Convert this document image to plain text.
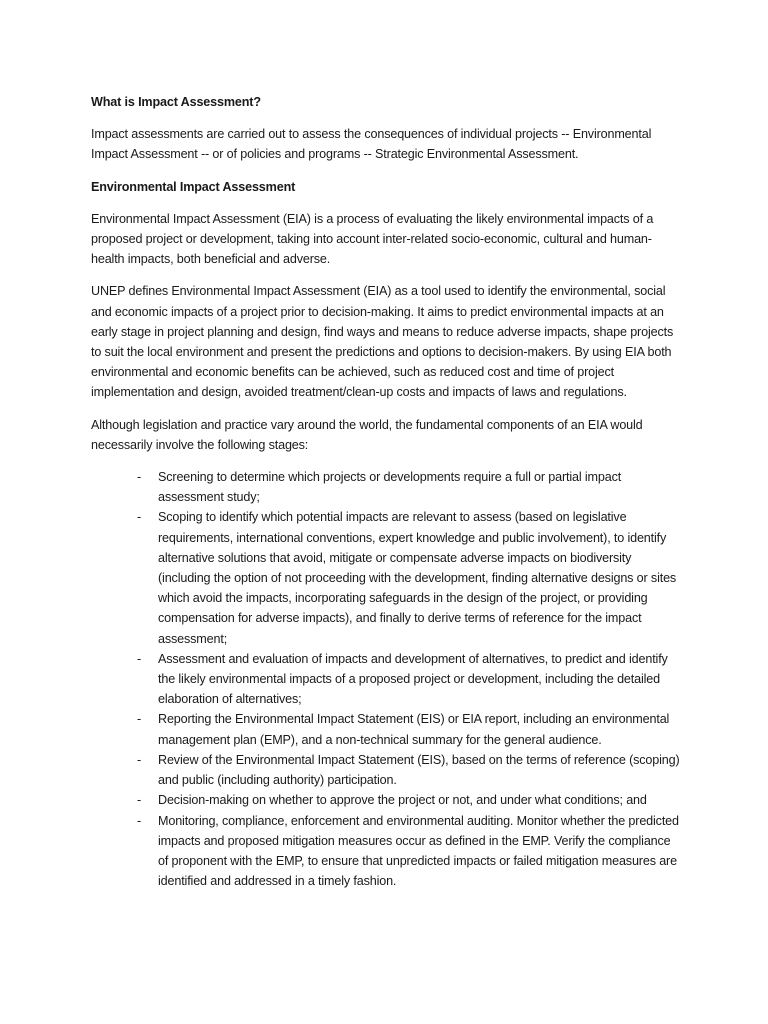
What is Impact Assessment?

Impact assessments are carried out to assess the consequences of individual projects -- Environmental Impact Assessment -- or of policies and programs -- Strategic Environmental Assessment.

Environmental Impact Assessment

Environmental Impact Assessment (EIA) is a process of evaluating the likely environmental impacts of a proposed project or development, taking into account inter-related socio-economic, cultural and human-health impacts, both beneficial and adverse.

UNEP defines Environmental Impact Assessment (EIA) as a tool used to identify the environmental, social and economic impacts of a project prior to decision-making. It aims to predict environmental impacts at an early stage in project planning and design, find ways and means to reduce adverse impacts, shape projects to suit the local environment and present the predictions and options to decision-makers. By using EIA both environmental and economic benefits can be achieved, such as reduced cost and time of project implementation and design, avoided treatment/clean-up costs and impacts of laws and regulations.

Although legislation and practice vary around the world, the fundamental components of an EIA would necessarily involve the following stages:

- Screening to determine which projects or developments require a full or partial impact assessment study;
- Scoping to identify which potential impacts are relevant to assess (based on legislative requirements, international conventions, expert knowledge and public involvement), to identify alternative solutions that avoid, mitigate or compensate adverse impacts on biodiversity (including the option of not proceeding with the development, finding alternative designs or sites which avoid the impacts, incorporating safeguards in the design of the project, or providing compensation for adverse impacts), and finally to derive terms of reference for the impact assessment;
- Assessment and evaluation of impacts and development of alternatives, to predict and identify the likely environmental impacts of a proposed project or development, including the detailed elaboration of alternatives;
- Reporting the Environmental Impact Statement (EIS) or EIA report, including an environmental management plan (EMP), and a non-technical summary for the general audience.
- Review of the Environmental Impact Statement (EIS), based on the terms of reference (scoping) and public (including authority) participation.
- Decision-making on whether to approve the project or not, and under what conditions; and
- Monitoring, compliance, enforcement and environmental auditing. Monitor whether the predicted impacts and proposed mitigation measures occur as defined in the EMP. Verify the compliance of proponent with the EMP, to ensure that unpredicted impacts or failed mitigation measures are identified and addressed in a timely fashion.
